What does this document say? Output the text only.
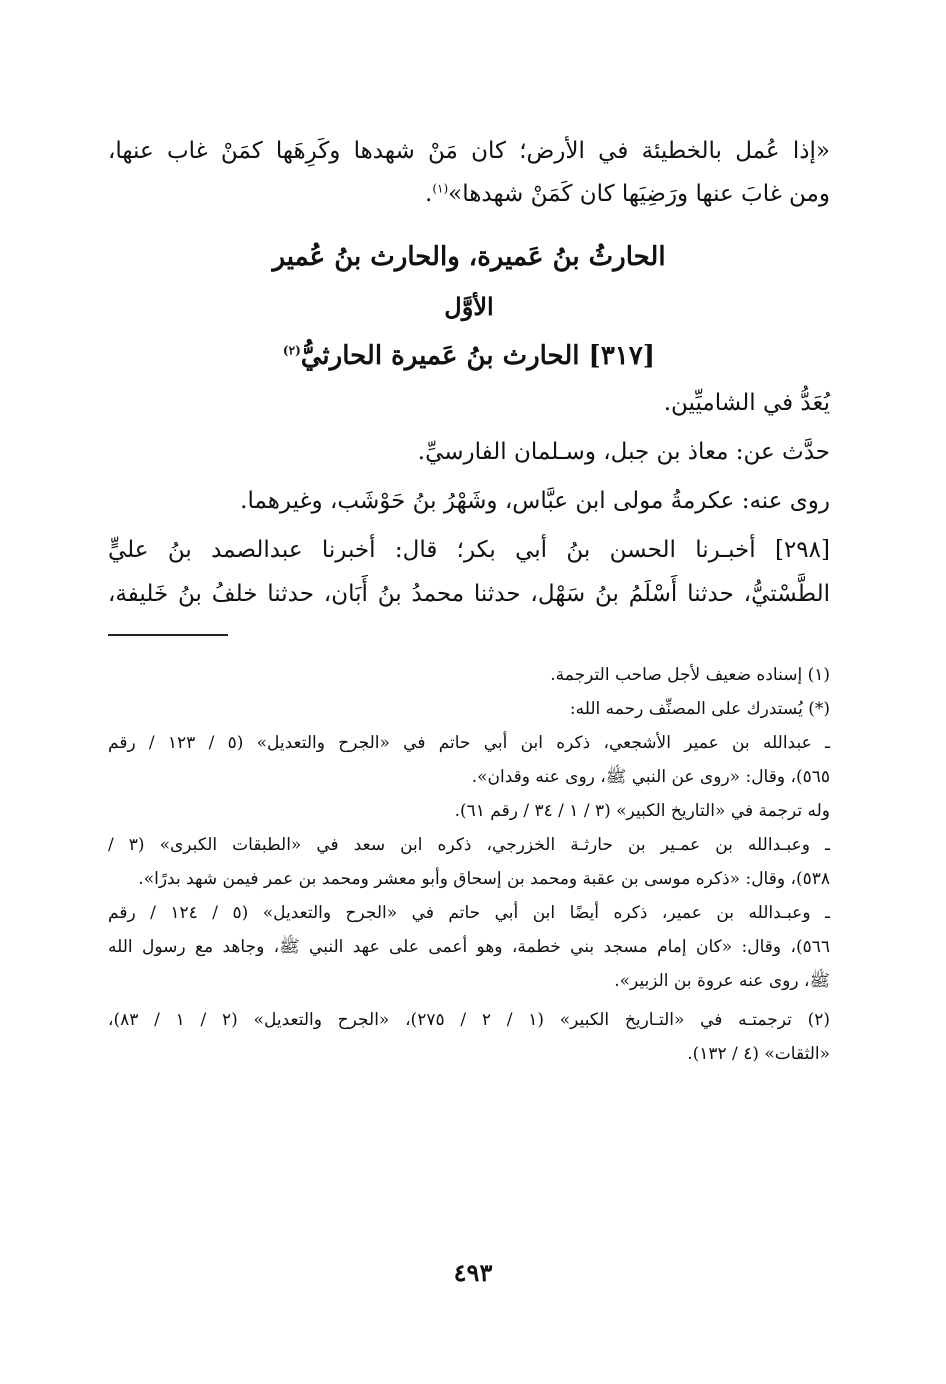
«إذا عُمل بالخطيئة في الأرض؛ كان مَنْ شهدها وكَرِهَها كمَنْ غاب عنها،
ومن غابَ عنها ورَضِيَها كان كَمَنْ شهدها»$^{(١)}$.
الحارثُ بنُ عَميرة، والحارث بنُ عُمير
الأوَّل
[٣١٧] الحارث بنُ عَميرة الحارثيُّ$^{(٢)}$

يُعَدُّ في الشاميِّين.

حدَّث عن: معاذ بن جبل، وسـلمان الفارسيِّ.

روى عنه: عكرمةُ مولى ابن عبَّاس، وشَهْرُ بنُ حَوْشَب، وغيرهما.

[٢٩٨] أخبـرنا الحسن بنُ أبي بكر؛ قال: أخبرنا عبدالصمد بنُ عليٍّ

الطَّسْتيُّ، حدثنا أَسْلَمُ بنُ سَهْل، حدثنا محمدُ بنُ أَبَان، حدثنا خلفُ بنُ خَليفة،

(١) إسناده ضعيف لأجل صاحب الترجمة.

(*) يُستدرك على المصنِّف رحمه الله:

ـ عبدالله بن عمير الأشجعي، ذكره ابن أبي حاتم في «الجرح والتعديل» (٥ / ١٢٣ / رقم

٥٦٥)، وقال: «روى عن النبي ﷺ، روى عنه وقدان».

وله ترجمة في «التاريخ الكبير» (٣ / ١ / ٣٤ / رقم ٦١).

ـ وعبـدالله بن عمـير بن حارثـة الخزرجي، ذكره ابن سعد في «الطبقات الكبرى» (٣ /

٥٣٨)، وقال: «ذكره موسى بن عقبة ومحمد بن إسحاق وأبو معشر ومحمد بن عمر فيمن شهد بدرًا».

ـ وعبـدالله بن عمير، ذكره أيضًا ابن أبي حاتم في «الجرح والتعديل» (٥ / ١٢٤ / رقم

٥٦٦)، وقال: «كان إمام مسجد بني خطمة، وهو أعمى على عهد النبي ﷺ، وجاهد مع رسول الله

ﷺ، روى عنه عروة بن الزبير».

(٢) ترجمتـه في «التـاريخ الكبير» (١ / ٢ / ٢٧٥)، «الجرح والتعديل» (٢ / ١ / ٨٣)،

«الثقات» (٤ / ١٣٢).

٤٩٣
